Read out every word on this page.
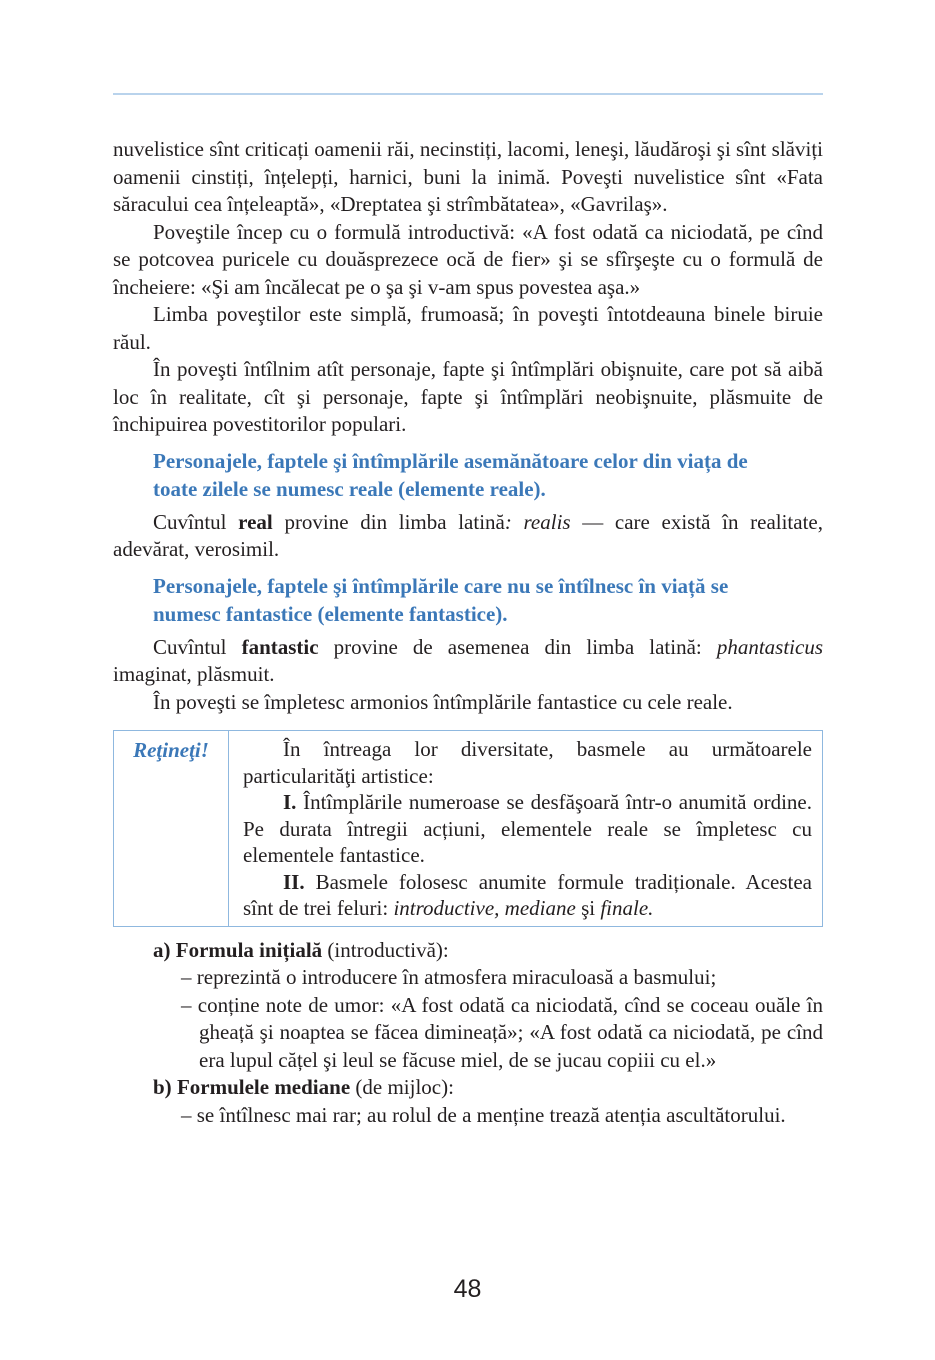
nuvelistice sînt criticați oamenii răi, necinstiți, lacomi, leneşi, lăudăroşi şi sînt slăviți oamenii cinstiți, înțelepți, harnici, buni la inimă. Poveşti nuvelistice sînt «Fata săracului cea înțeleaptă», «Dreptatea şi strîmbătatea», «Gavrilaş».

Poveştile încep cu o formulă introductivă: «A fost odată ca niciodată, pe cînd se potcovea puricele cu douăsprezece ocă de fier» şi se sfîrşeşte cu o formulă de încheiere: «Şi am încălecat pe o şa şi v-am spus povestea aşa.»

Limba poveştilor este simplă, frumoasă; în poveşti întotdeauna binele biruie răul.

În poveşti întîlnim atît personaje, fapte şi întîmplări obişnuite, care pot să aibă loc în realitate, cît şi personaje, fapte şi întîmplări neobişnuite, plăsmuite de închipuirea povestitorilor populari.

Personajele, faptele şi întîmplările asemănătoare celor din viața de toate zilele se numesc reale (elemente reale).

Cuvîntul real provine din limba latină: realis — care există în realitate, adevărat, verosimil.

Personajele, faptele şi întîmplările care nu se întîlnesc în viață se numesc fantastice (elemente fantastice).

Cuvîntul fantastic provine de asemenea din limba latină: phantasticus imaginat, plăsmuit.

În poveşti se împletesc armonios întîmplările fantastice cu cele reale.

Reţineţi!	În întreaga lor diversitate, basmele au următoarele particularităţi artistice:

I. Întîmplările numeroase se desfăşoară într-o anumită ordine. Pe durata întregii acțiuni, elementele reale se împletesc cu elementele fantastice.

II. Basmele folosesc anumite formule tradiționale. Acestea sînt de trei feluri: introductive, mediane şi finale.

a) Formula inițială (introductivă):
– reprezintă o introducere în atmosfera miraculoasă a basmului;
– conține note de umor: «A fost odată ca niciodată, cînd se coceau ouăle în gheață şi noaptea se făcea dimineață»; «A fost odată ca niciodată, pe cînd era lupul cățel şi leul se făcuse miel, de se jucau copiii cu el.»
b) Formulele mediane (de mijloc):
– se întîlnesc mai rar; au rolul de a menține trează atenția ascultătorului.
48
